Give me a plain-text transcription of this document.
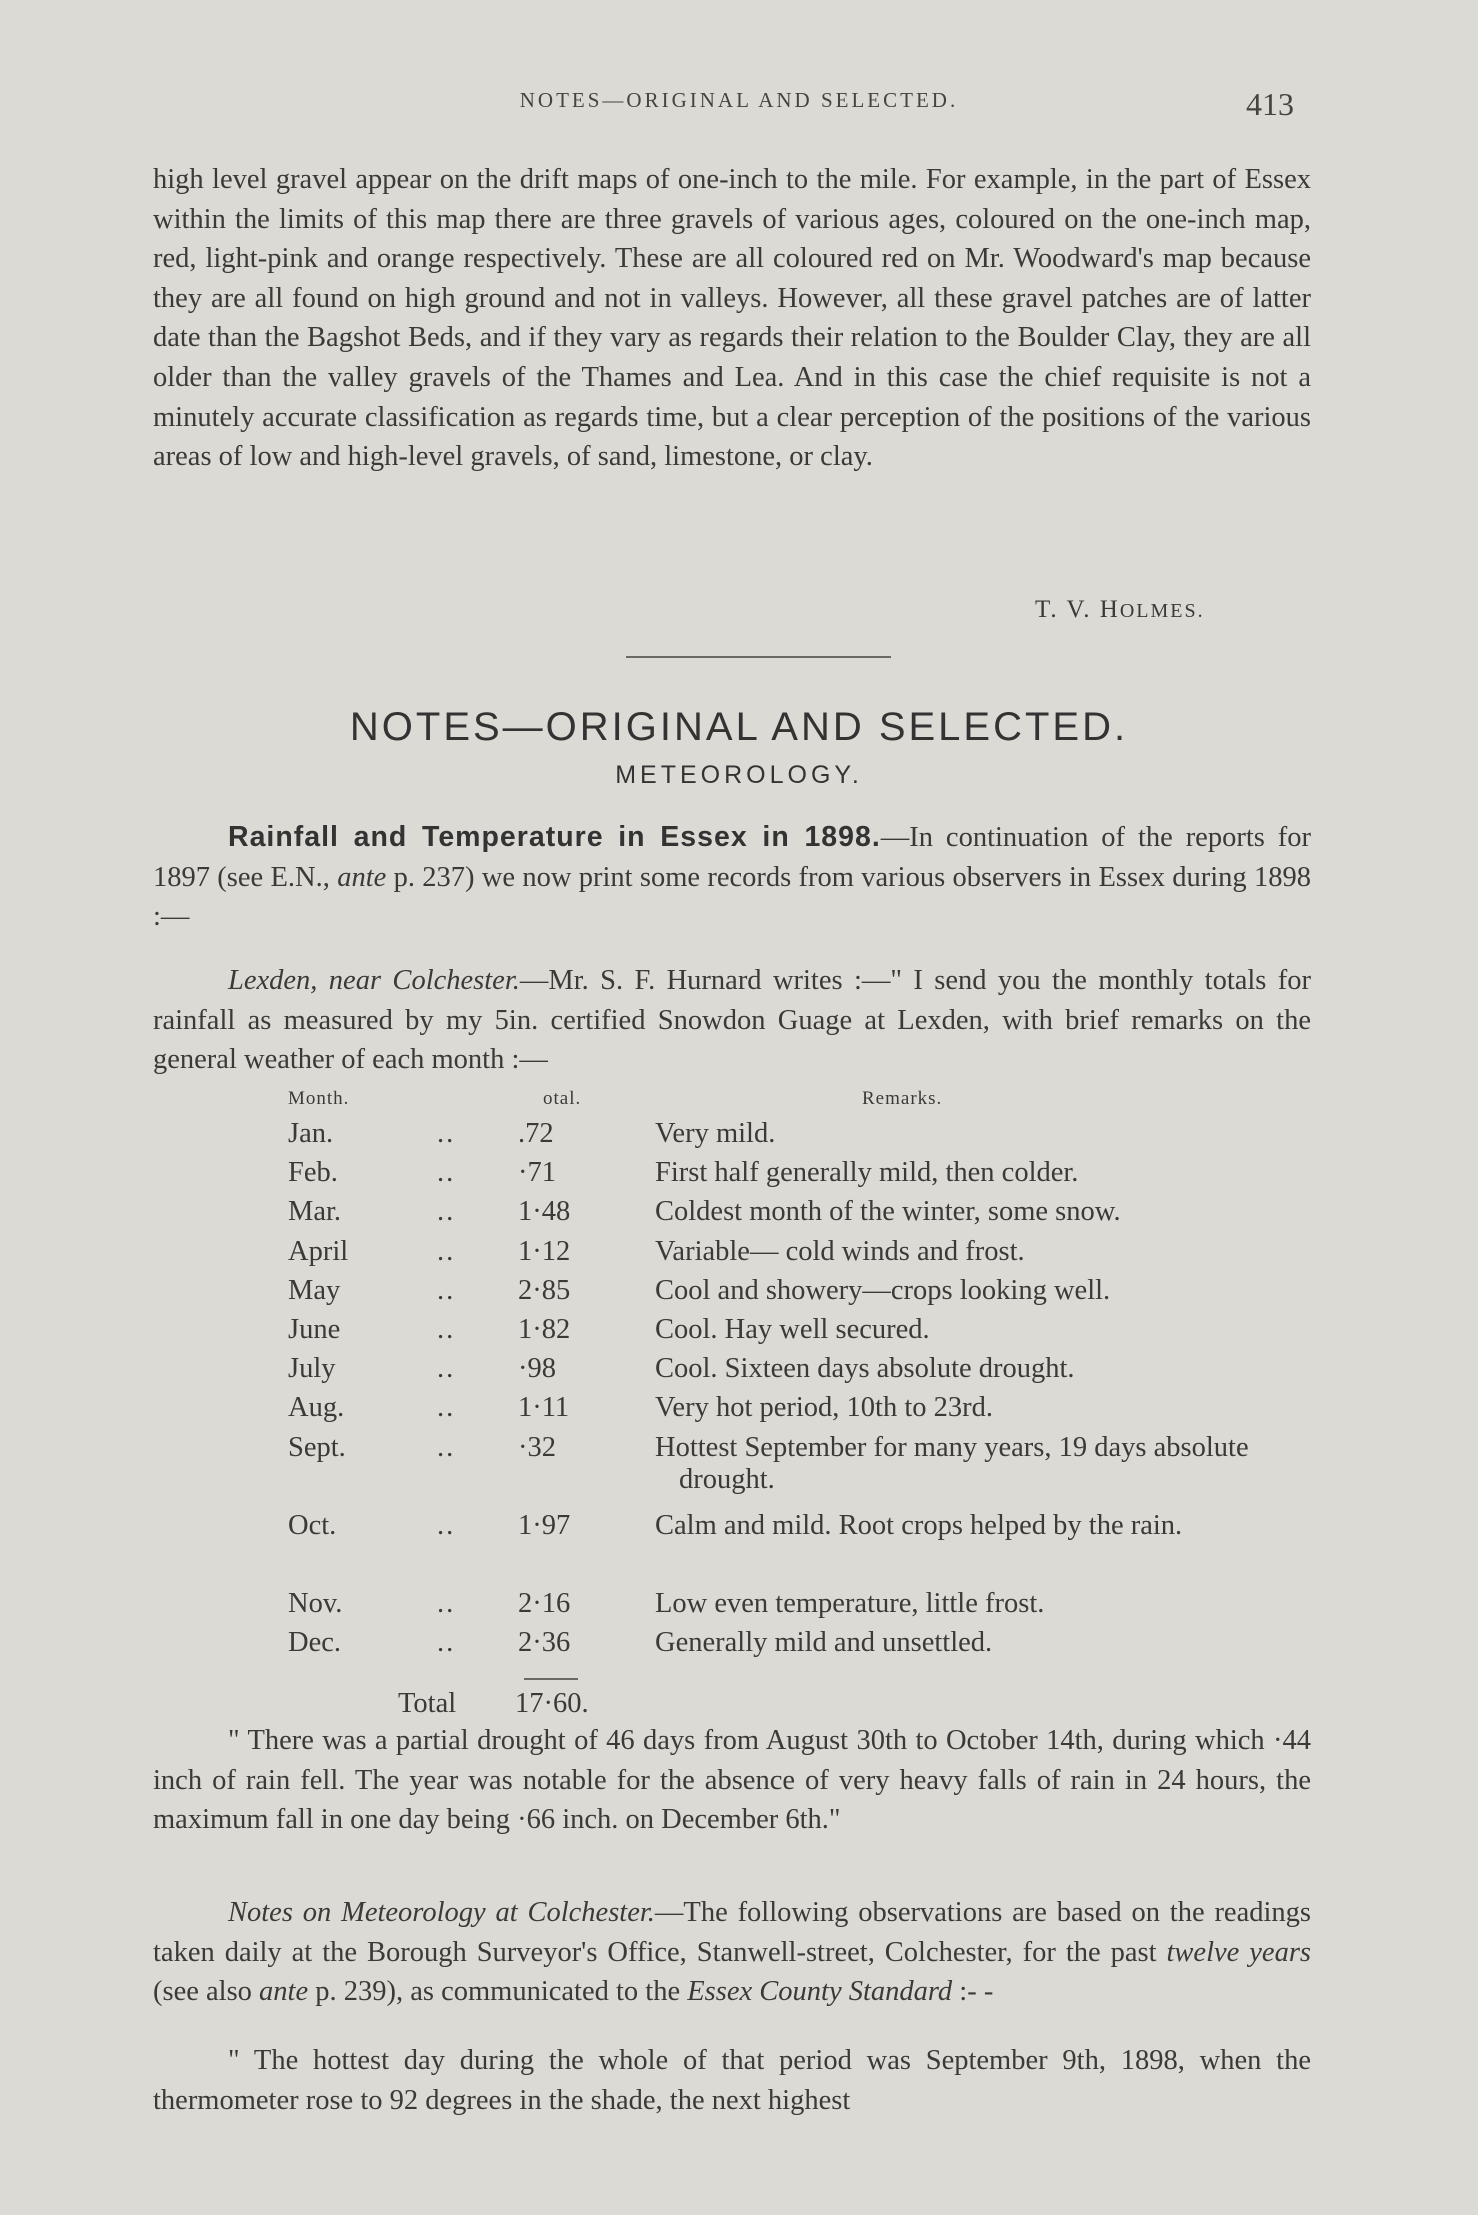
NOTES—ORIGINAL AND SELECTED.	413

high level gravel appear on the drift maps of one-inch to the mile. For example, in the part of Essex within the limits of this map there are three gravels of various ages, coloured on the one-inch map, red, light-pink and orange respectively. These are all coloured red on Mr. Woodward's map because they are all found on high ground and not in valleys. However, all these gravel patches are of latter date than the Bagshot Beds, and if they vary as regards their relation to the Boulder Clay, they are all older than the valley gravels of the Thames and Lea. And in this case the chief requisite is not a minutely accurate classification as regards time, but a clear perception of the positions of the various areas of low and high-level gravels, of sand, limestone, or clay.

T. V. HOLMES.
NOTES—ORIGINAL AND SELECTED.
METEOROLOGY.

Rainfall and Temperature in Essex in 1898.—In continuation of the reports for 1897 (see E.N., ante p. 237) we now print some records from various observers in Essex during 1898 :—

Lexden, near Colchester.—Mr. S. F. Hurnard writes :—" I send you the monthly totals for rainfall as measured by my 5in. certified Snowdon Guage at Lexden, with brief remarks on the general weather of each month :—

Month.	otal.	Remarks.
Jan.	.. .72	Very mild.
Feb.	.. ·71	First half generally mild, then colder.
Mar.	.. 1·48	Coldest month of the winter, some snow.
April	.. 1·12	Variable— cold winds and frost.
May	.. 2·85	Cool and showery—crops looking well.
June	.. 1·82	Cool. Hay well secured.
July	.. ·98	Cool. Sixteen days absolute drought.
Aug.	.. 1·11	Very hot period, 10th to 23rd.
Sept.	.. ·32	Hottest September for many years, 19 days absolute drought.
Oct.	.. 1·97	Calm and mild. Root crops helped by the rain.
Nov.	.. 2·16	Low even temperature, little frost.
Dec.	.. 2·36	Generally mild and unsettled.
Total 17·60.

" There was a partial drought of 46 days from August 30th to October 14th, during which ·44 inch of rain fell. The year was notable for the absence of very heavy falls of rain in 24 hours, the maximum fall in one day being ·66 inch. on December 6th."

Notes on Meteorology at Colchester.—The following observations are based on the readings taken daily at the Borough Surveyor's Office, Stanwell-street, Colchester, for the past twelve years (see also ante p. 239), as communicated to the Essex County Standard :- -

" The hottest day during the whole of that period was September 9th, 1898, when the thermometer rose to 92 degrees in the shade, the next highest
